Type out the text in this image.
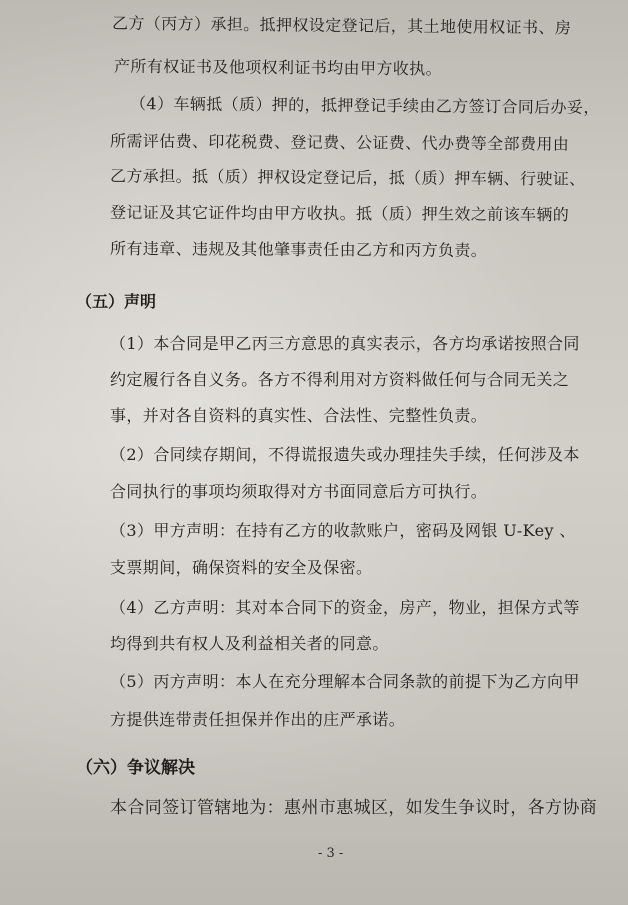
乙方（丙方）承担。抵押权设定登记后，其土地使用权证书、房
产所有权证书及他项权利证书均由甲方收执。
（4）车辆抵（质）押的，抵押登记手续由乙方签订合同后办妥，
所需评估费、印花税费、登记费、公证费、代办费等全部费用由
乙方承担。抵（质）押权设定登记后，抵（质）押车辆、行驶证、
登记证及其它证件均由甲方收执。抵（质）押生效之前该车辆的
所有违章、违规及其他肇事责任由乙方和丙方负责。
（五）声明
（1）本合同是甲乙丙三方意思的真实表示，各方均承诺按照合同
约定履行各自义务。各方不得利用对方资料做任何与合同无关之
事，并对各自资料的真实性、合法性、完整性负责。
（2）合同续存期间，不得谎报遗失或办理挂失手续，任何涉及本
合同执行的事项均须取得对方书面同意后方可执行。
（3）甲方声明：在持有乙方的收款账户，密码及网银 U-Key 、
支票期间，确保资料的安全及保密。
（4）乙方声明：其对本合同下的资金，房产，物业，担保方式等
均得到共有权人及利益相关者的同意。
（5）丙方声明：本人在充分理解本合同条款的前提下为乙方向甲
方提供连带责任担保并作出的庄严承诺。
（六）争议解决
本合同签订管辖地为：惠州市惠城区，如发生争议时，各方协商
- 3 -
